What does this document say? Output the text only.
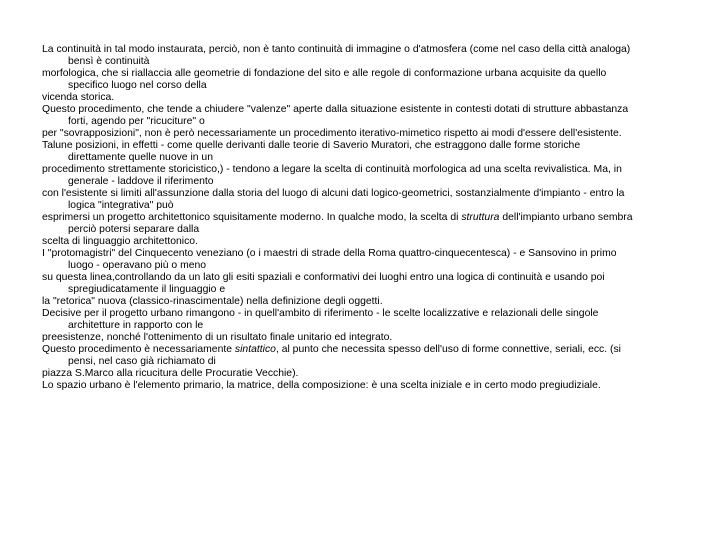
La continuità in tal modo instaurata, perciò, non è tanto continuità di immagine o d'atmosfera (come nel caso della città analoga)
bensì è continuità

morfologica, che si riallaccia alle geometrie di fondazione del sito e alle regole di conformazione urbana acquisite da quello
specifico luogo nel corso della

vicenda storica.

Questo procedimento, che tende a chiudere "valenze" aperte dalla situazione esistente in contesti dotati di strutture abbastanza
forti, agendo per "ricuciture" o

per "sovrapposizioni", non è però necessariamente un procedimento iterativo-mimetico rispetto ai modi d'essere dell'esistente.

Talune posizioni, in effetti - come quelle derivanti dalle teorie di Saverio Muratori, che estraggono dalle forme storiche
direttamente quelle nuove in un

procedimento strettamente storicistico,) - tendono a legare la scelta di continuità morfologica ad una scelta revivalistica. Ma, in
generale - laddove il riferimento

con l'esistente si limiti all'assunzione dalla storia del luogo di alcuni dati logico-geometrici, sostanzialmente d'impianto - entro la
logica "integrativa" può

esprimersi un progetto architettonico squisitamente moderno. In qualche modo, la scelta di struttura dell'impianto urbano sembra
perciò potersi separare dalla

scelta di linguaggio architettonico.

I "protomagistri" del Cinquecento veneziano (o i maestri di strade della Roma quattro-cinquecentesca) - e Sansovino in primo
luogo - operavano più o meno

su questa linea,controllando da un lato gli esiti spaziali e conformativi dei luoghi entro una logica di continuità e usando poi
spregiudicatamente il linguaggio e

la "retorica" nuova (classico-rinascimentale) nella definizione degli oggetti.

Decisive per il progetto urbano rimangono - in quell'ambito di riferimento - le scelte localizzative e relazionali delle singole
architetture in rapporto con le

preesistenze, nonché l'ottenimento di un risultato finale unitario ed integrato.

Questo procedimento è necessariamente sintattico, al punto che necessita spesso dell'uso di forme connettive, seriali, ecc. (si
pensi, nel caso già richiamato di

piazza S.Marco alla ricucitura delle Procuratie Vecchie).

Lo spazio urbano è l'elemento primario, la matrice, della composizione: è una scelta iniziale e in certo modo pregiudiziale.
